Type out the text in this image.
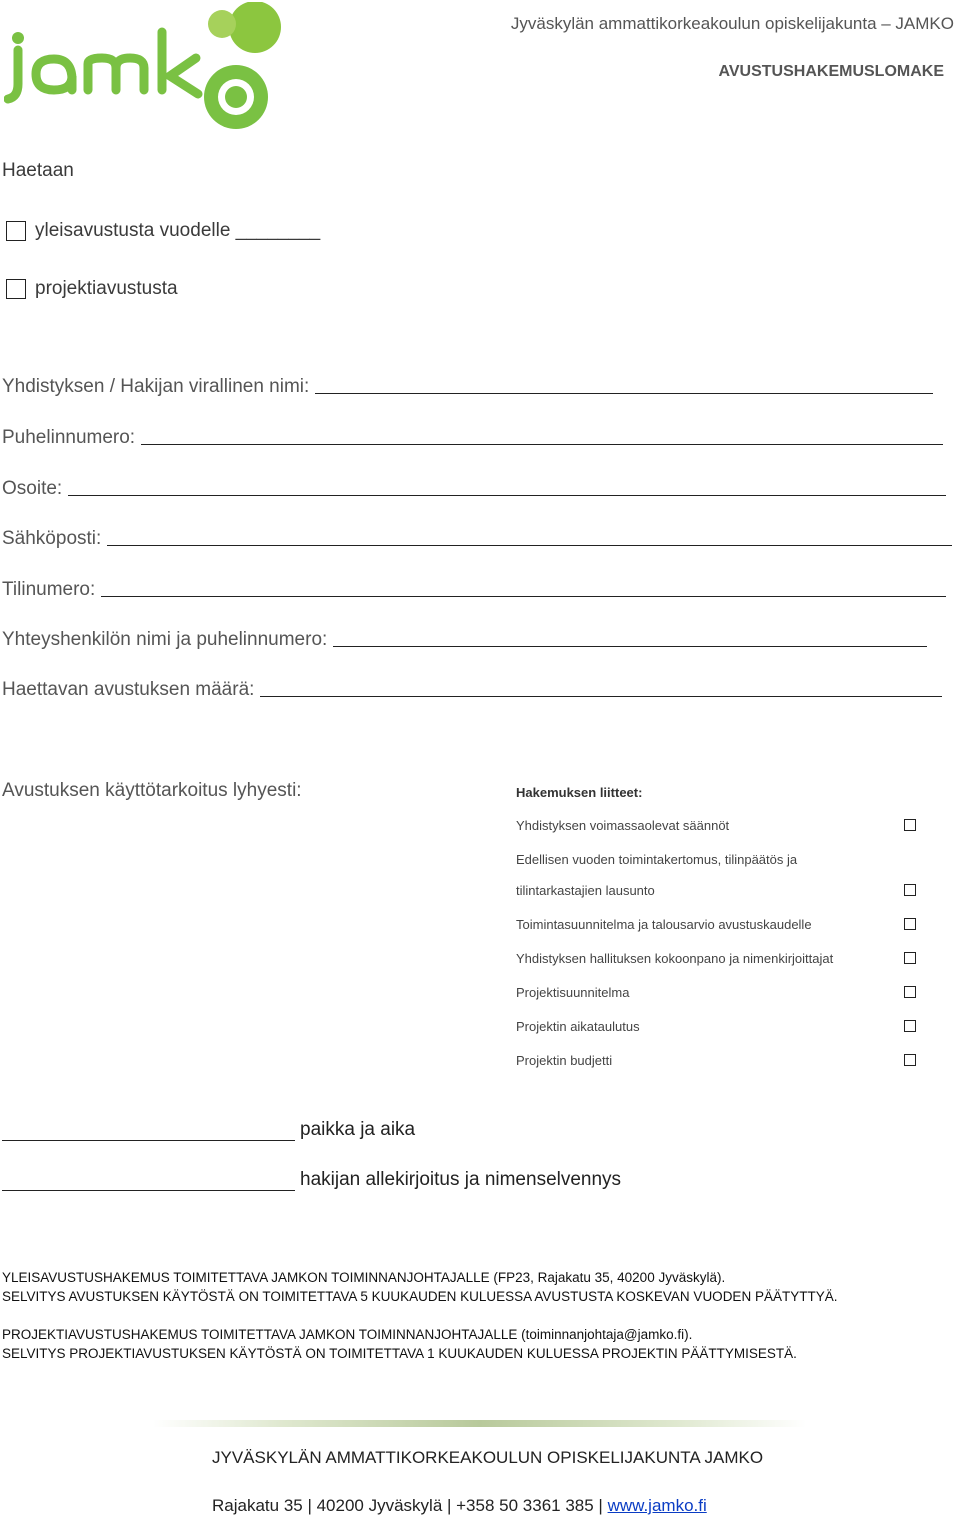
Jyväskylän ammattikorkeakoulun opiskelijakunta – JAMKO
AVUSTUSHAKEMUSLOMAKE
Haetaan
yleisavustusta vuodelle ________
projektiavustusta
Yhdistyksen / Hakijan virallinen nimi:
Puhelinnumero:
Osoite:
Sähköposti:
Tilinumero:
Yhteyshenkilön nimi ja puhelinnumero:
Haettavan avustuksen määrä:
Avustuksen käyttötarkoitus lyhyesti:	Hakemuksen liitteet:
Yhdistyksen voimassaolevat säännöt
Edellisen vuoden toimintakertomus, tilinpäätös ja
tilintarkastajien lausunto
Toimintasuunnitelma ja talousarvio avustuskaudelle
Yhdistyksen hallituksen kokoonpano ja nimenkirjoittajat
Projektisuunnitelma
Projektin aikataulutus
Projektin budjetti
paikka ja aika
hakijan allekirjoitus ja nimenselvennys
YLEISAVUSTUSHAKEMUS TOIMITETTAVA JAMKON TOIMINNANJOHTAJALLE (FP23, Rajakatu 35, 40200 Jyväskylä).
SELVITYS AVUSTUKSEN KÄYTÖSTÄ ON TOIMITETTAVA 5 KUUKAUDEN KULUESSA AVUSTUSTA KOSKEVAN VUODEN PÄÄTYTTYÄ.
PROJEKTIAVUSTUSHAKEMUS TOIMITETTAVA JAMKON TOIMINNANJOHTAJALLE (toiminnanjohtaja@jamko.fi).
SELVITYS PROJEKTIAVUSTUKSEN KÄYTÖSTÄ ON TOIMITETTAVA 1 KUUKAUDEN KULUESSA PROJEKTIN PÄÄTTYMISESTÄ.
JYVÄSKYLÄN AMMATTIKORKEAKOULUN OPISKELIJAKUNTA JAMKO
Rajakatu 35 | 40200 Jyväskylä | +358 50 3361 385 | www.jamko.fi
